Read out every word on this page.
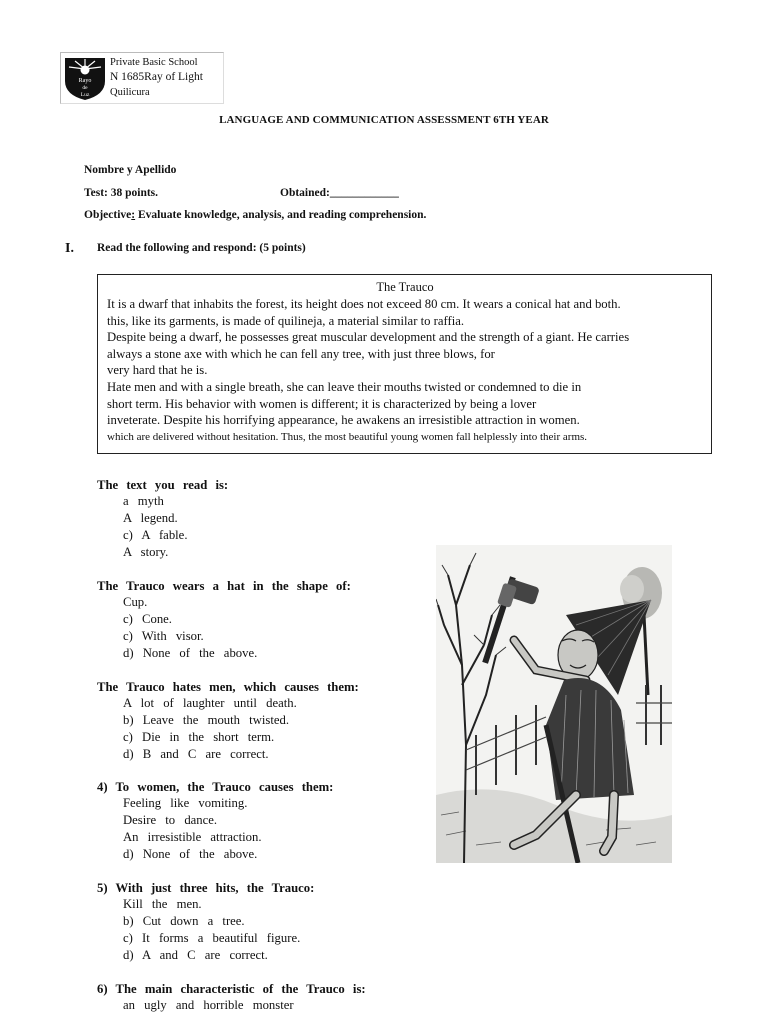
Rayo
de
Luz
Private Basic School
N 1685Ray of Light
Quilicura
LANGUAGE AND COMMUNICATION ASSESSMENT 6TH YEAR
Nombre y Apellido
Test: 38 points.	Obtained:____________
Objective: Evaluate knowledge, analysis, and reading comprehension.
I. Read the following and respond: (5 points)
The Trauco
It is a dwarf that inhabits the forest, its height does not exceed 80 cm. It wears a conical hat and both.
this, like its garments, is made of quilineja, a material similar to raffia.
Despite being a dwarf, he possesses great muscular development and the strength of a giant. He carries
always a stone axe with which he can fell any tree, with just three blows, for
very hard that he is.
Hate men and with a single breath, she can leave their mouths twisted or condemned to die in
short term. His behavior with women is different; it is characterized by being a lover
inveterate. Despite his horrifying appearance, he awakens an irresistible attraction in women.
which are delivered without hesitation. Thus, the most beautiful young women fall helplessly into their arms.
The text you read is:
a myth
A legend.
c) A fable.
A story.
The Trauco wears a hat in the shape of:
Cup.
c) Cone.
c) With visor.
d) None of the above.
The Trauco hates men, which causes them:
A lot of laughter until death.
b) Leave the mouth twisted.
c) Die in the short term.
d) B and C are correct.
4) To women, the Trauco causes them:
Feeling like vomiting.
Desire to dance.
An irresistible attraction.
d) None of the above.
5) With just three hits, the Trauco:
Kill the men.
b) Cut down a tree.
c) It forms a beautiful figure.
d) A and C are correct.
6) The main characteristic of the Trauco is:
an ugly and horrible monster
